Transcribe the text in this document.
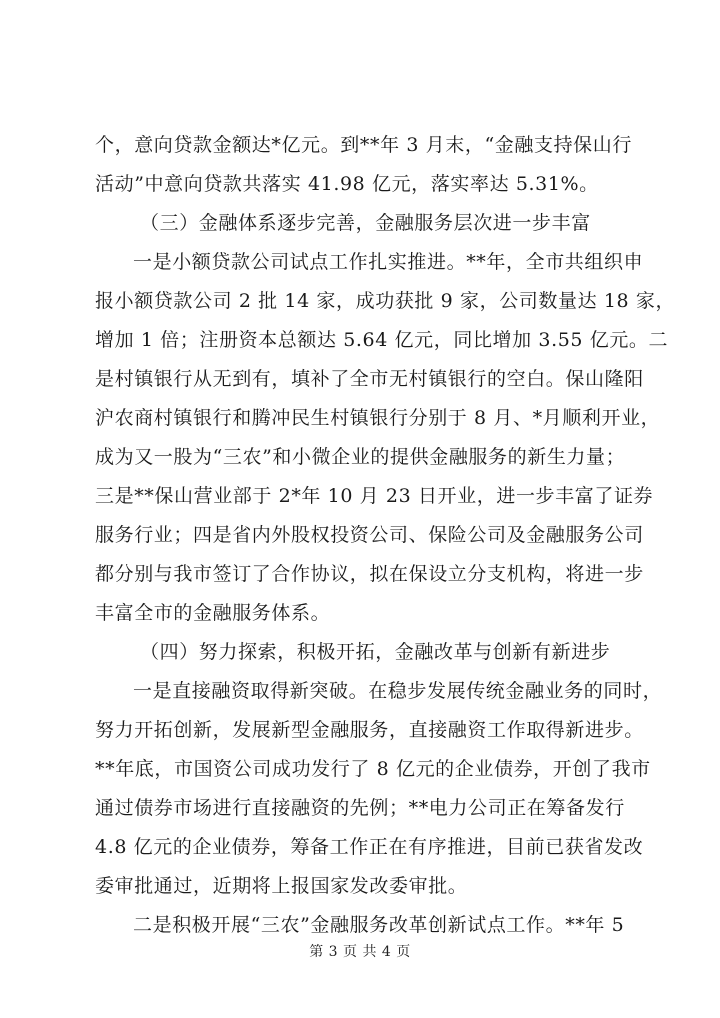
个，意向贷款金额达*亿元。到**年 3 月末，“金融支持保山行
活动”中意向贷款共落实 41.98 亿元，落实率达 5.31%。
（三）金融体系逐步完善，金融服务层次进一步丰富
一是小额贷款公司试点工作扎实推进。**年，全市共组织申
报小额贷款公司 2 批 14 家，成功获批 9 家，公司数量达 18 家，
增加 1 倍；注册资本总额达 5.64 亿元，同比增加 3.55 亿元。二
是村镇银行从无到有，填补了全市无村镇银行的空白。保山隆阳
沪农商村镇银行和腾冲民生村镇银行分别于 8 月、*月顺利开业，
成为又一股为“三农”和小微企业的提供金融服务的新生力量；
三是**保山营业部于 2*年 10 月 23 日开业，进一步丰富了证券
服务行业；四是省内外股权投资公司、保险公司及金融服务公司
都分别与我市签订了合作协议，拟在保设立分支机构，将进一步
丰富全市的金融服务体系。
（四）努力探索，积极开拓，金融改革与创新有新进步
一是直接融资取得新突破。在稳步发展传统金融业务的同时，
努力开拓创新，发展新型金融服务，直接融资工作取得新进步。
**年底，市国资公司成功发行了 8 亿元的企业债券，开创了我市
通过债券市场进行直接融资的先例；**电力公司正在筹备发行
4.8 亿元的企业债券，筹备工作正在有序推进，目前已获省发改
委审批通过，近期将上报国家发改委审批。
二是积极开展“三农”金融服务改革创新试点工作。**年 5
第 3 页 共 4 页
